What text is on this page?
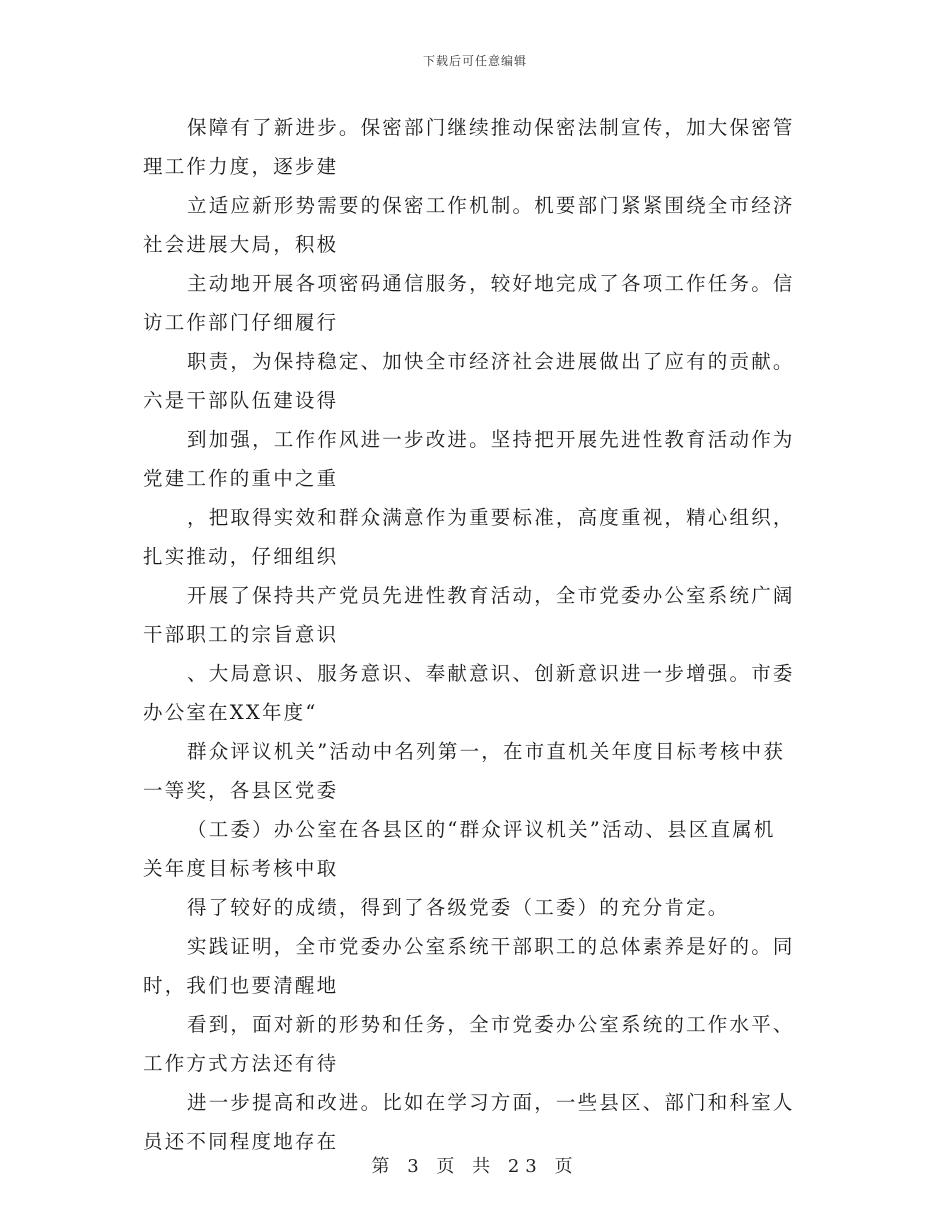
下载后可任意编辑

保障有了新进步。保密部门继续推动保密法制宣传，加大保密管
理工作力度，逐步建

立适应新形势需要的保密工作机制。机要部门紧紧围绕全市经济
社会进展大局，积极

主动地开展各项密码通信服务，较好地完成了各项工作任务。信
访工作部门仔细履行

职责，为保持稳定、加快全市经济社会进展做出了应有的贡献。
六是干部队伍建设得

到加强，工作作风进一步改进。坚持把开展先进性教育活动作为
党建工作的重中之重

，把取得实效和群众满意作为重要标准，高度重视，精心组织，
扎实推动，仔细组织

开展了保持共产党员先进性教育活动，全市党委办公室系统广阔
干部职工的宗旨意识

、大局意识、服务意识、奉献意识、创新意识进一步增强。市委
办公室在XX年度“

群众评议机关”活动中名列第一，在市直机关年度目标考核中获
一等奖，各县区党委

（工委）办公室在各县区的“群众评议机关”活动、县区直属机
关年度目标考核中取

得了较好的成绩，得到了各级党委（工委）的充分肯定。

实践证明，全市党委办公室系统干部职工的总体素养是好的。同
时，我们也要清醒地

看到，面对新的形势和任务，全市党委办公室系统的工作水平、
工作方式方法还有待

进一步提高和改进。比如在学习方面，一些县区、部门和科室人
员还不同程度地存在

第 3 页 共 23 页
